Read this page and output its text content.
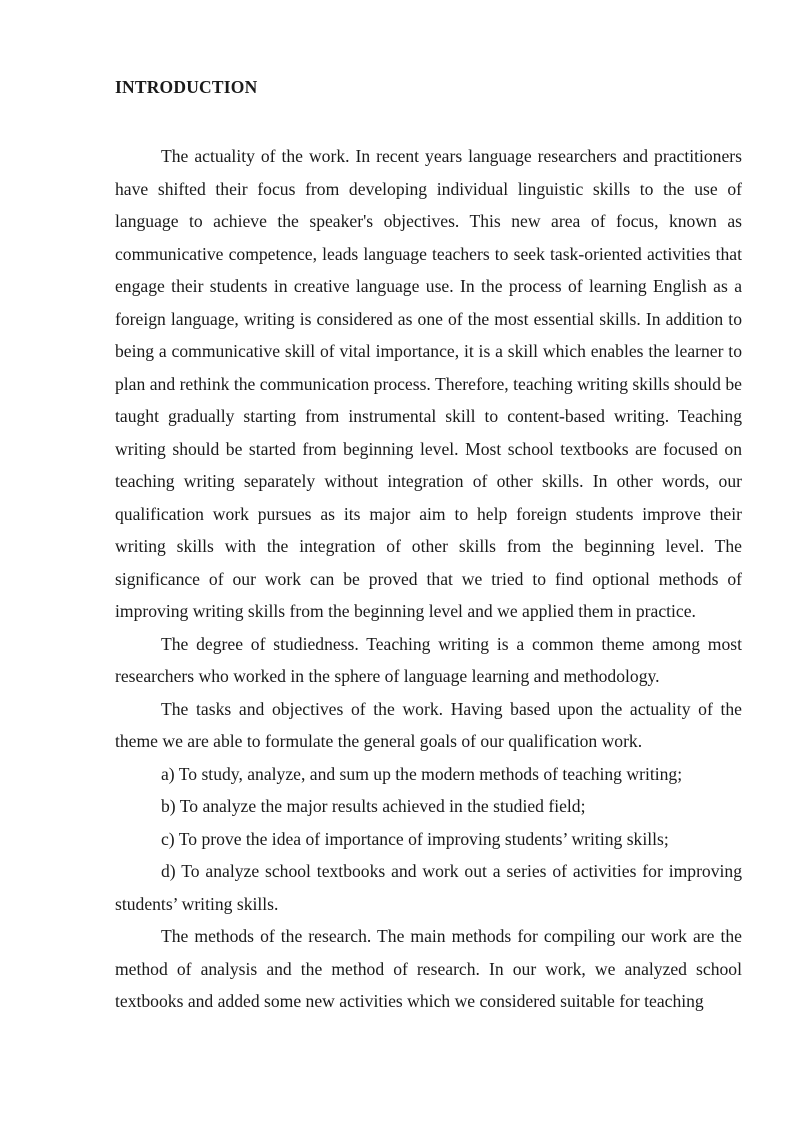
INTRODUCTION

The actuality of the work. In recent years language researchers and practitioners have shifted their focus from developing individual linguistic skills to the use of language to achieve the speaker's objectives. This new area of focus, known as communicative competence, leads language teachers to seek task-oriented activities that engage their students in creative language use. In the process of learning English as a foreign language, writing is considered as one of the most essential skills. In addition to being a communicative skill of vital importance, it is a skill which enables the learner to plan and rethink the communication process. Therefore, teaching writing skills should be taught gradually starting from instrumental skill to content-based writing. Teaching writing should be started from beginning level. Most school textbooks are focused on teaching writing separately without integration of other skills. In other words, our qualification work pursues as its major aim to help foreign students improve their writing skills with the integration of other skills from the beginning level. The significance of our work can be proved that we tried to find optional methods of improving writing skills from the beginning level and we applied them in practice.

The degree of studiedness. Teaching writing is a common theme among most researchers who worked in the sphere of language learning and methodology.

The tasks and objectives of the work. Having based upon the actuality of the theme we are able to formulate the general goals of our qualification work.

a) To study, analyze, and sum up the modern methods of teaching writing;

b) To analyze the major results achieved in the studied field;

c) To prove the idea of importance of improving students’ writing skills;

d) To analyze school textbooks and work out a series of activities for improving students’ writing skills.

The methods of the research. The main methods for compiling our work are the method of analysis and the method of research. In our work, we analyzed school textbooks and added some new activities which we considered suitable for teaching
